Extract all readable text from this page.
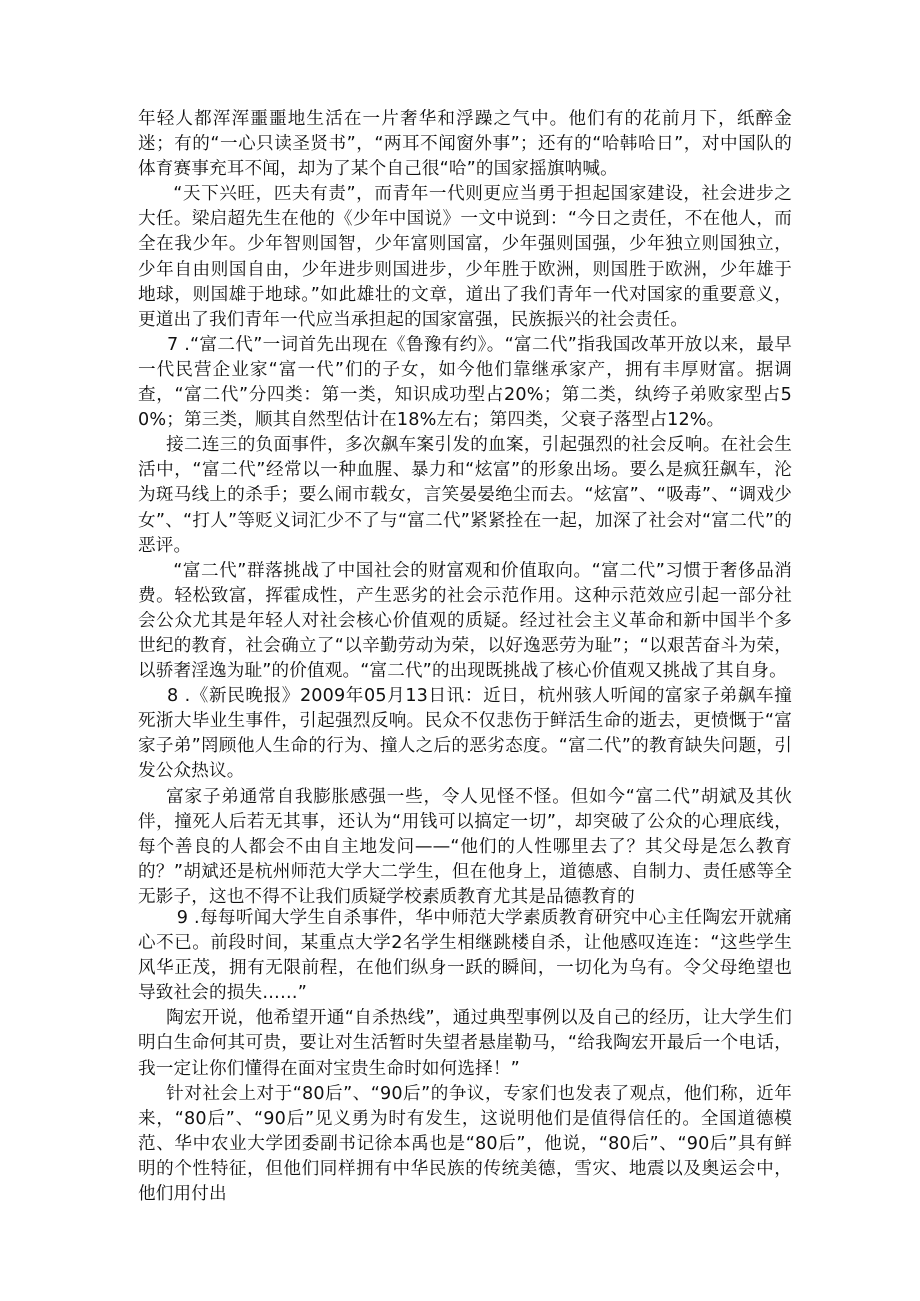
年轻人都浑浑噩噩地生活在一片奢华和浮躁之气中。他们有的花前月下，纸醉金迷；有的“一心只读圣贤书”，“两耳不闻窗外事”；还有的“哈韩哈日”，对中国队的体育赛事充耳不闻，却为了某个自己很“哈”的国家摇旗呐喊。

“天下兴旺，匹夫有责”，而青年一代则更应当勇于担起国家建设，社会进步之大任。梁启超先生在他的《少年中国说》一文中说到：“今日之责任，不在他人，而全在我少年。少年智则国智，少年富则国富，少年强则国强，少年独立则国独立，少年自由则国自由，少年进步则国进步，少年胜于欧洲，则国胜于欧洲，少年雄于地球，则国雄于地球。”如此雄壮的文章，道出了我们青年一代对国家的重要意义，更道出了我们青年一代应当承担起的国家富强，民族振兴的社会责任。

7 .“富二代”一词首先出现在《鲁豫有约》。“富二代”指我国改革开放以来，最早一代民营企业家“富一代”们的子女，如今他们靠继承家产，拥有丰厚财富。据调查，“富二代”分四类：第一类，知识成功型占20%；第二类，纨绔子弟败家型占50%；第三类，顺其自然型估计在18%左右；第四类，父衰子落型占12%。

接二连三的负面事件，多次飙车案引发的血案，引起强烈的社会反响。在社会生活中，“富二代”经常以一种血腥、暴力和“炫富”的形象出场。要么是疯狂飙车，沦为斑马线上的杀手；要么闹市载女，言笑晏晏绝尘而去。“炫富”、“吸毒”、“调戏少女”、“打人”等贬义词汇少不了与“富二代”紧紧拴在一起，加深了社会对“富二代”的恶评。

“富二代”群落挑战了中国社会的财富观和价值取向。“富二代”习惯于奢侈品消费。轻松致富，挥霍成性，产生恶劣的社会示范作用。这种示范效应引起一部分社会公众尤其是年轻人对社会核心价值观的质疑。经过社会主义革命和新中国半个多世纪的教育，社会确立了“以辛勤劳动为荣，以好逸恶劳为耻”；“以艰苦奋斗为荣，以骄奢淫逸为耻”的价值观。“富二代”的出现既挑战了核心价值观又挑战了其自身。

8 .《新民晚报》2009年05月13日讯：近日，杭州骇人听闻的富家子弟飙车撞死浙大毕业生事件，引起强烈反响。民众不仅悲伤于鲜活生命的逝去，更愤慨于“富家子弟”罔顾他人生命的行为、撞人之后的恶劣态度。“富二代”的教育缺失问题，引发公众热议。

富家子弟通常自我膨胀感强一些，令人见怪不怪。但如今“富二代”胡斌及其伙伴，撞死人后若无其事，还认为“用钱可以搞定一切”，却突破了公众的心理底线，每个善良的人都会不由自主地发问——“他们的人性哪里去了？其父母是怎么教育的？”胡斌还是杭州师范大学大二学生，但在他身上，道德感、自制力、责任感等全无影子，这也不得不让我们质疑学校素质教育尤其是品德教育的

9 .每每听闻大学生自杀事件，华中师范大学素质教育研究中心主任陶宏开就痛心不已。前段时间，某重点大学2名学生相继跳楼自杀，让他感叹连连：“这些学生风华正茂，拥有无限前程，在他们纵身一跃的瞬间，一切化为乌有。令父母绝望也导致社会的损失……”

陶宏开说，他希望开通“自杀热线”，通过典型事例以及自己的经历，让大学生们明白生命何其可贵，要让对生活暂时失望者悬崖勒马，“给我陶宏开最后一个电话，我一定让你们懂得在面对宝贵生命时如何选择！”

针对社会上对于“80后”、“90后”的争议，专家们也发表了观点，他们称，近年来，“80后”、“90后”见义勇为时有发生，这说明他们是值得信任的。全国道德模范、华中农业大学团委副书记徐本禹也是“80后”，他说，“80后”、“90后”具有鲜明的个性特征，但他们同样拥有中华民族的传统美德，雪灾、地震以及奥运会中，他们用付出
